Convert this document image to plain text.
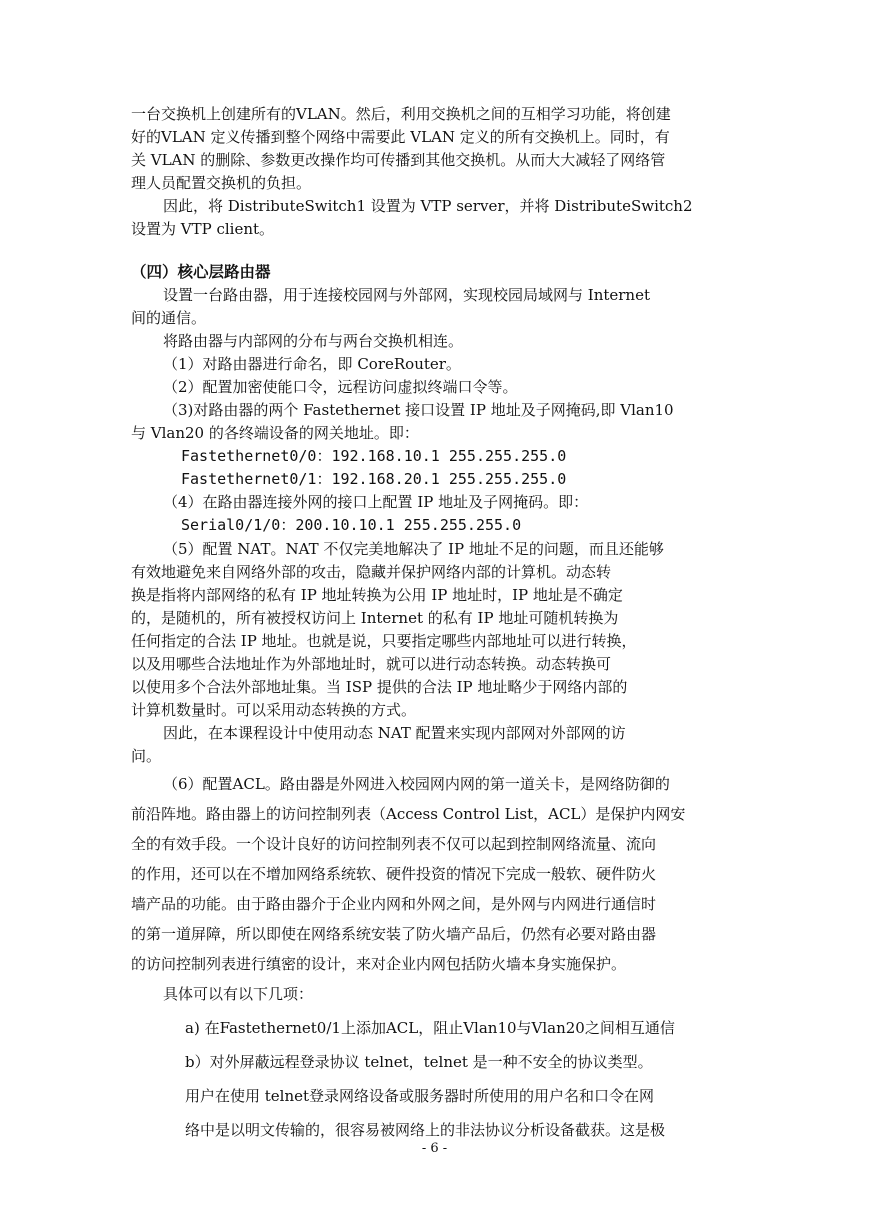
一台交换机上创建所有的VLAN。然后，利用交换机之间的互相学习功能，将创建
好的VLAN 定义传播到整个网络中需要此 VLAN 定义的所有交换机上。同时，有
关 VLAN 的删除、参数更改操作均可传播到其他交换机。从而大大减轻了网络管
理人员配置交换机的负担。
因此，将 DistributeSwitch1 设置为 VTP server，并将 DistributeSwitch2
设置为 VTP client。
（四）核心层路由器
设置一台路由器，用于连接校园网与外部网，实现校园局域网与 Internet
间的通信。
将路由器与内部网的分布与两台交换机相连。
（1）对路由器进行命名，即 CoreRouter。
（2）配置加密使能口令，远程访问虚拟终端口令等。
（3)对路由器的两个 Fastethernet 接口设置 IP 地址及子网掩码,即 Vlan10
与 Vlan20 的各终端设备的网关地址。即：
Fastethernet0/0：192.168.10.1 255.255.255.0
Fastethernet0/1：192.168.20.1 255.255.255.0
（4）在路由器连接外网的接口上配置 IP 地址及子网掩码。即：
Serial0/1/0：200.10.10.1 255.255.255.0
（5）配置 NAT。NAT 不仅完美地解决了 IP 地址不足的问题，而且还能够
有效地避免来自网络外部的攻击，隐藏并保护网络内部的计算机。动态转
换是指将内部网络的私有 IP 地址转换为公用 IP 地址时，IP 地址是不确定
的，是随机的，所有被授权访问上 Internet 的私有 IP 地址可随机转换为
任何指定的合法 IP 地址。也就是说，只要指定哪些内部地址可以进行转换，
以及用哪些合法地址作为外部地址时，就可以进行动态转换。动态转换可
以使用多个合法外部地址集。当 ISP 提供的合法 IP 地址略少于网络内部的
计算机数量时。可以采用动态转换的方式。
因此，在本课程设计中使用动态 NAT 配置来实现内部网对外部网的访
问。
（6）配置ACL。路由器是外网进入校园网内网的第一道关卡，是网络防御的
前沿阵地。路由器上的访问控制列表（Access Control List，ACL）是保护内网安
全的有效手段。一个设计良好的访问控制列表不仅可以起到控制网络流量、流向
的作用，还可以在不增加网络系统软、硬件投资的情况下完成一般软、硬件防火
墙产品的功能。由于路由器介于企业内网和外网之间，是外网与内网进行通信时
的第一道屏障，所以即使在网络系统安装了防火墙产品后，仍然有必要对路由器
的访问控制列表进行缜密的设计，来对企业内网包括防火墙本身实施保护。
具体可以有以下几项：
a) 在Fastethernet0/1上添加ACL，阻止Vlan10与Vlan20之间相互通信
b）对外屏蔽远程登录协议 telnet，telnet 是一种不安全的协议类型。
用户在使用 telnet登录网络设备或服务器时所使用的用户名和口令在网
络中是以明文传输的，很容易被网络上的非法协议分析设备截获。这是极
- 6 -
